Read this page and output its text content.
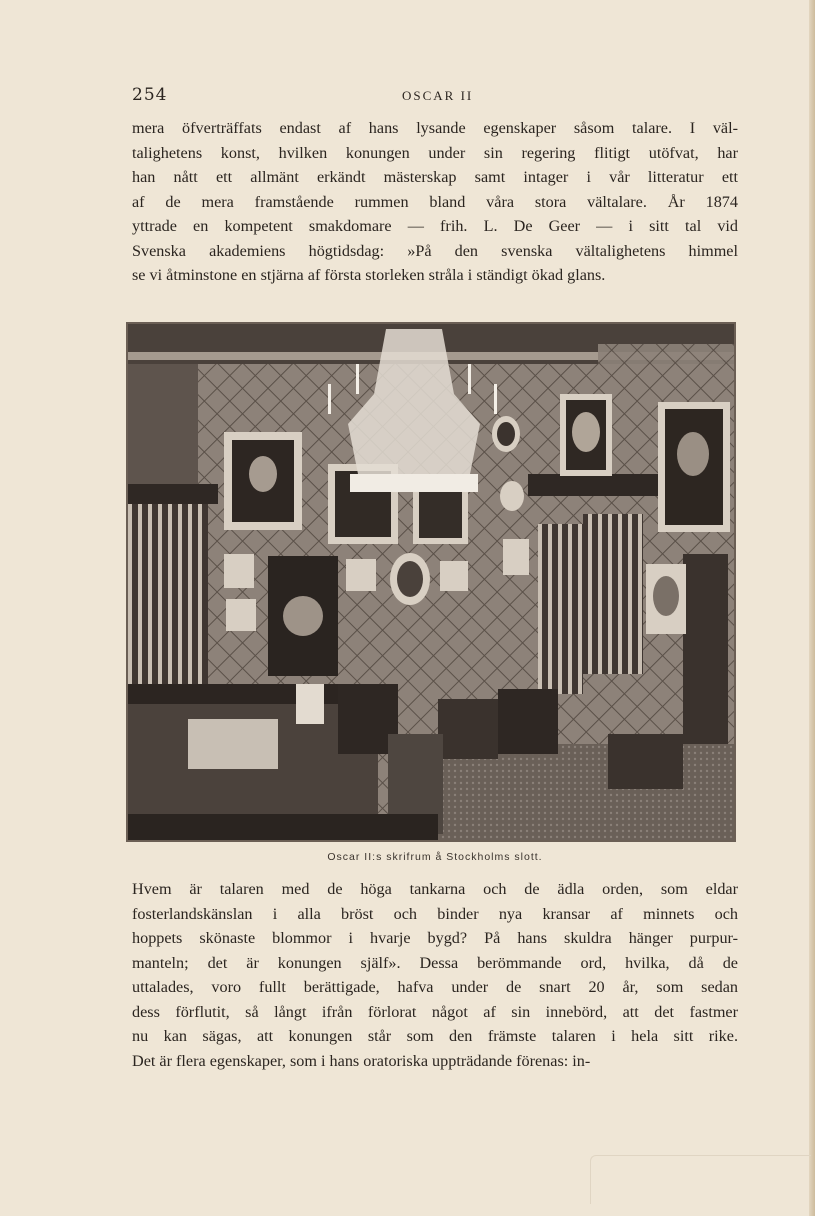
254	OSCAR II
mera öfverträffats endast af hans lysande egenskaper såsom talare. I väl-
talighetens konst, hvilken konungen under sin regering flitigt utöfvat, har
han nått ett allmänt erkändt mästerskap samt intager i vår litteratur ett
af de mera framstående rummen bland våra stora vältalare. År 1874
yttrade en kompetent smakdomare — frih. L. De Geer — i sitt tal vid
Svenska akademiens högtidsdag: »På den svenska vältalighetens himmel
se vi åtminstone en stjärna af första storleken stråla i ständigt ökad glans.
Oscar II:s skrifrum å Stockholms slott.
Hvem är talaren med de höga tankarna och de ädla orden, som eldar
fosterlandskänslan i alla bröst och binder nya kransar af minnets och
hoppets skönaste blommor i hvarje bygd? På hans skuldra hänger purpur-
manteln; det är konungen själf». Dessa berömmande ord, hvilka, då de
uttalades, voro fullt berättigade, hafva under de snart 20 år, som sedan
dess förflutit, så långt ifrån förlorat något af sin innebörd, att det fastmer
nu kan sägas, att konungen står som den främste talaren i hela sitt rike.
Det är flera egenskaper, som i hans oratoriska uppträdande förenas: in-
